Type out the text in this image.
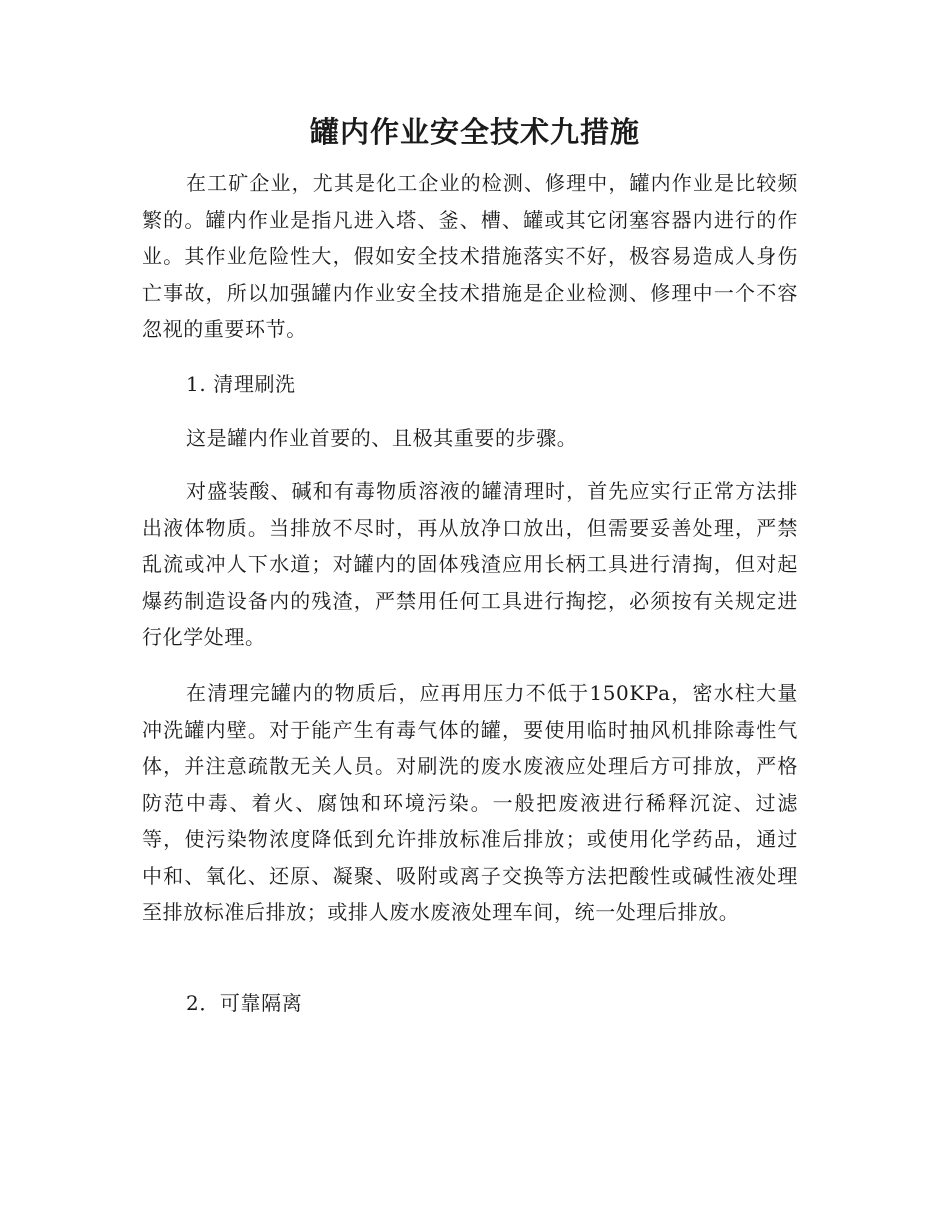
罐内作业安全技术九措施

在工矿企业，尤其是化工企业的检测、修理中，罐内作业是比较频繁的。罐内作业是指凡进入塔、釜、槽、罐或其它闭塞容器内进行的作业。其作业危险性大，假如安全技术措施落实不好，极容易造成人身伤亡事故，所以加强罐内作业安全技术措施是企业检测、修理中一个不容忽视的重要环节。

1. 清理刷洗

这是罐内作业首要的、且极其重要的步骤。

对盛装酸、碱和有毒物质溶液的罐清理时，首先应实行正常方法排出液体物质。当排放不尽时，再从放净口放出，但需要妥善处理，严禁乱流或冲人下水道；对罐内的固体残渣应用长柄工具进行清掏，但对起爆药制造设备内的残渣，严禁用任何工具进行掏挖，必须按有关规定进行化学处理。

在清理完罐内的物质后，应再用压力不低于150KPa，密水柱大量冲洗罐内壁。对于能产生有毒气体的罐，要使用临时抽风机排除毒性气体，并注意疏散无关人员。对刷洗的废水废液应处理后方可排放，严格防范中毒、着火、腐蚀和环境污染。一般把废液进行稀释沉淀、过滤等，使污染物浓度降低到允许排放标准后排放；或使用化学药品，通过中和、氧化、还原、凝聚、吸附或离子交换等方法把酸性或碱性液处理至排放标准后排放；或排人废水废液处理车间，统一处理后排放。

2．可靠隔离
